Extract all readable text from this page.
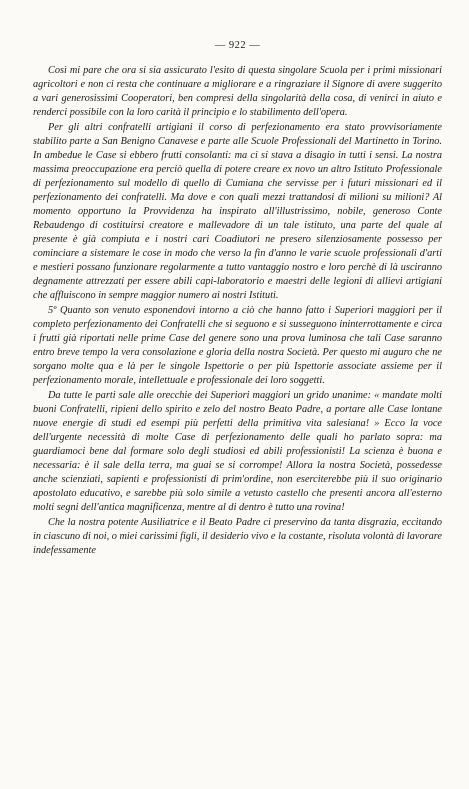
— 922 —

Così mi pare che ora si sia assicurato l'esito di questa singolare Scuola per i primi missionari agricoltori e non ci resta che continuare a migliorare e a ringraziare il Signore di avere suggerito a vari generosissimi Cooperatori, ben compresi della singolarità della cosa, di venirci in aiuto e renderci possibile con la loro carità il principio e lo stabilimento dell'opera.

Per gli altri confratelli artigiani il corso di perfezionamento era stato provvisoriamente stabilito parte a San Benigno Canavese e parte alle Scuole Professionali del Martinetto in Torino. In ambedue le Case si ebbero frutti consolanti: ma ci si stava a disagio in tutti i sensi. La nostra massima preoccupazione era perciò quella di potere creare ex novo un altro Istituto Professionale di perfezionamento sul modello di quello di Cumiana che servisse per i futuri missionari ed il perfezionamento dei confratelli. Ma dove e con quali mezzi trattandosi di milioni su milioni? Al momento opportuno la Provvidenza ha inspirato all'illustrissimo, nobile, generoso Conte Rebaudengo di costituirsi creatore e mallevadore di un tale istituto, una parte del quale al presente è già compiuta e i nostri cari Coadiutori ne presero silenziosamente possesso per cominciare a sistemare le cose in modo che verso la fin d'anno le varie scuole professionali d'arti e mestieri possano funzionare regolarmente a tutto vantaggio nostro e loro perchè di là usciranno degnamente attrezzati per essere abili capi-laboratorio e maestri delle legioni di allievi artigiani che affluiscono in sempre maggior numero ai nostri Istituti.

5º Quanto son venuto esponendovi intorno a ciò che hanno fatto i Superiori maggiori per il completo perfezionamento dei Confratelli che si seguono e si susseguono ininterrottamente e circa i frutti già riportati nelle prime Case del genere sono una prova luminosa che tali Case saranno entro breve tempo la vera consolazione e gloria della nostra Società. Per questo mi auguro che ne sorgano molte qua e là per le singole Ispettorie o per più Ispettorie associate assieme per il perfezionamento morale, intellettuale e professionale dei loro soggetti.

Da tutte le parti sale alle orecchie dei Superiori maggiori un grido unanime: « mandate molti buoni Confratelli, ripieni dello spirito e zelo del nostro Beato Padre, a portare alle Case lontane nuove energie di studi ed esempi più perfetti della primitiva vita salesiana! » Ecco la voce dell'urgente necessità di molte Case di perfezionamento delle quali ho parlato sopra: ma guardiamoci bene dal formare solo degli studiosi ed abili professionisti! La scienza è buona e necessaria: è il sale della terra, ma guai se si corrompe! Allora la nostra Società, possedesse anche scienziati, sapienti e professionisti di prim'ordine, non eserciterebbe più il suo originario apostolato educativo, e sarebbe più solo simile a vetusto castello che presenti ancora all'esterno molti segni dell'antica magnificenza, mentre al di dentro è tutto una rovina!

Che la nostra potente Ausiliatrice e il Beato Padre ci preservino da tanta disgrazia, eccitando in ciascuno di noi, o miei carissimi figli, il desiderio vivo e la costante, risoluta volontà di lavorare indefessamente
